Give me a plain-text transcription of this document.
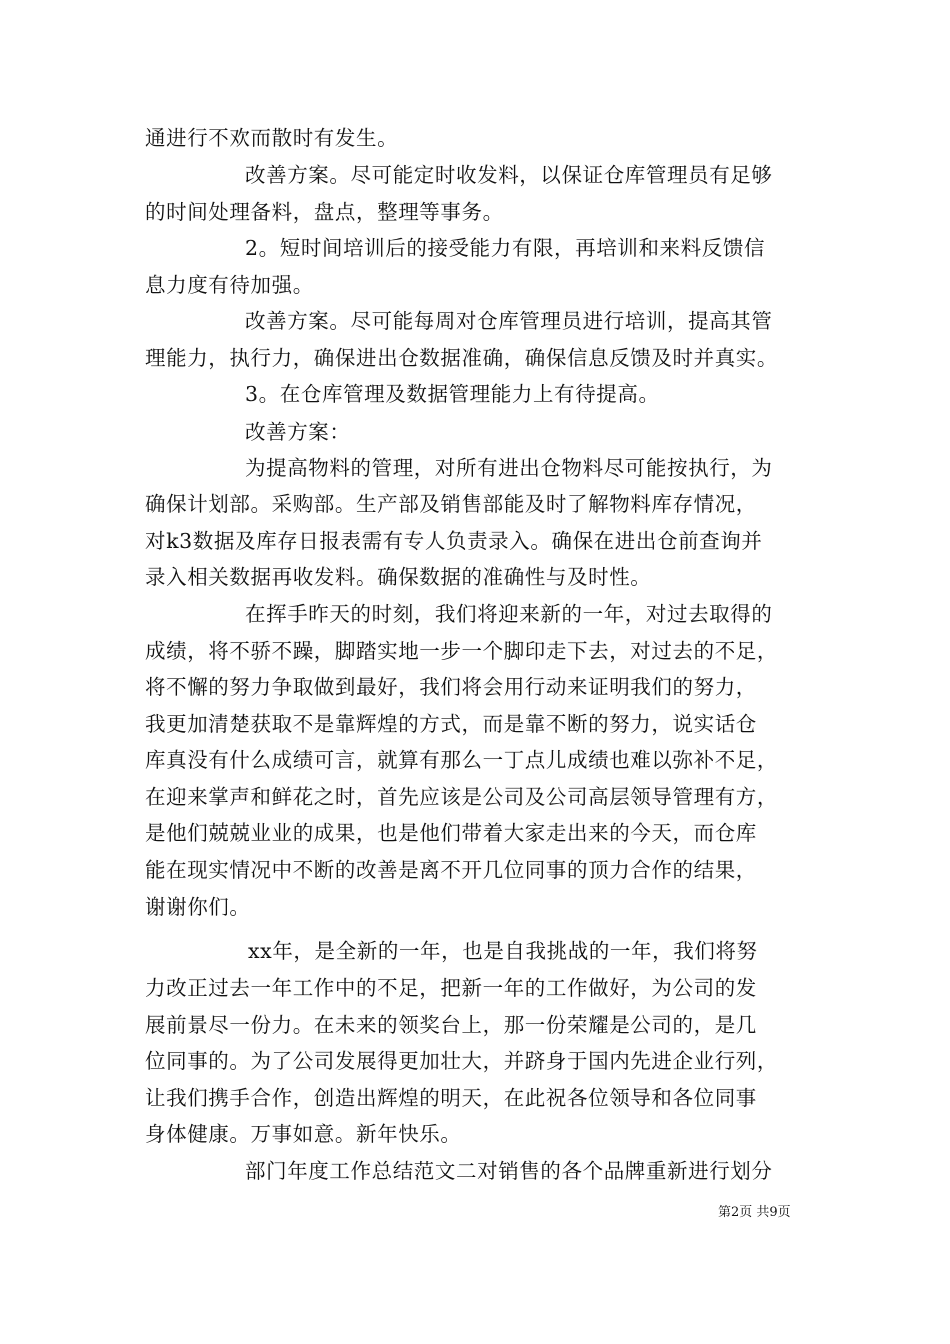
通进行不欢而散时有发生。
改善方案。尽可能定时收发料，以保证仓库管理员有足够
的时间处理备料，盘点，整理等事务。
2。短时间培训后的接受能力有限，再培训和来料反馈信
息力度有待加强。
改善方案。尽可能每周对仓库管理员进行培训，提高其管
理能力，执行力，确保进出仓数据准确，确保信息反馈及时并真实。
3。在仓库管理及数据管理能力上有待提高。
改善方案：
为提高物料的管理，对所有进出仓物料尽可能按执行，为
确保计划部。采购部。生产部及销售部能及时了解物料库存情况，
对k3数据及库存日报表需有专人负责录入。确保在进出仓前查询并
录入相关数据再收发料。确保数据的准确性与及时性。
在挥手昨天的时刻，我们将迎来新的一年，对过去取得的
成绩，将不骄不躁，脚踏实地一步一个脚印走下去，对过去的不足，
将不懈的努力争取做到最好，我们将会用行动来证明我们的努力，
我更加清楚获取不是靠辉煌的方式，而是靠不断的努力，说实话仓
库真没有什么成绩可言，就算有那么一丁点儿成绩也难以弥补不足，
在迎来掌声和鲜花之时，首先应该是公司及公司高层领导管理有方，
是他们兢兢业业的成果，也是他们带着大家走出来的今天，而仓库
能在现实情况中不断的改善是离不开几位同事的顶力合作的结果，
谢谢你们。
xx年，是全新的一年，也是自我挑战的一年，我们将努
力改正过去一年工作中的不足，把新一年的工作做好，为公司的发
展前景尽一份力。在未来的领奖台上，那一份荣耀是公司的，是几
位同事的。为了公司发展得更加壮大，并跻身于国内先进企业行列，
让我们携手合作，创造出辉煌的明天，在此祝各位领导和各位同事
身体健康。万事如意。新年快乐。
部门年度工作总结范文二对销售的各个品牌重新进行划分
第2页 共9页
